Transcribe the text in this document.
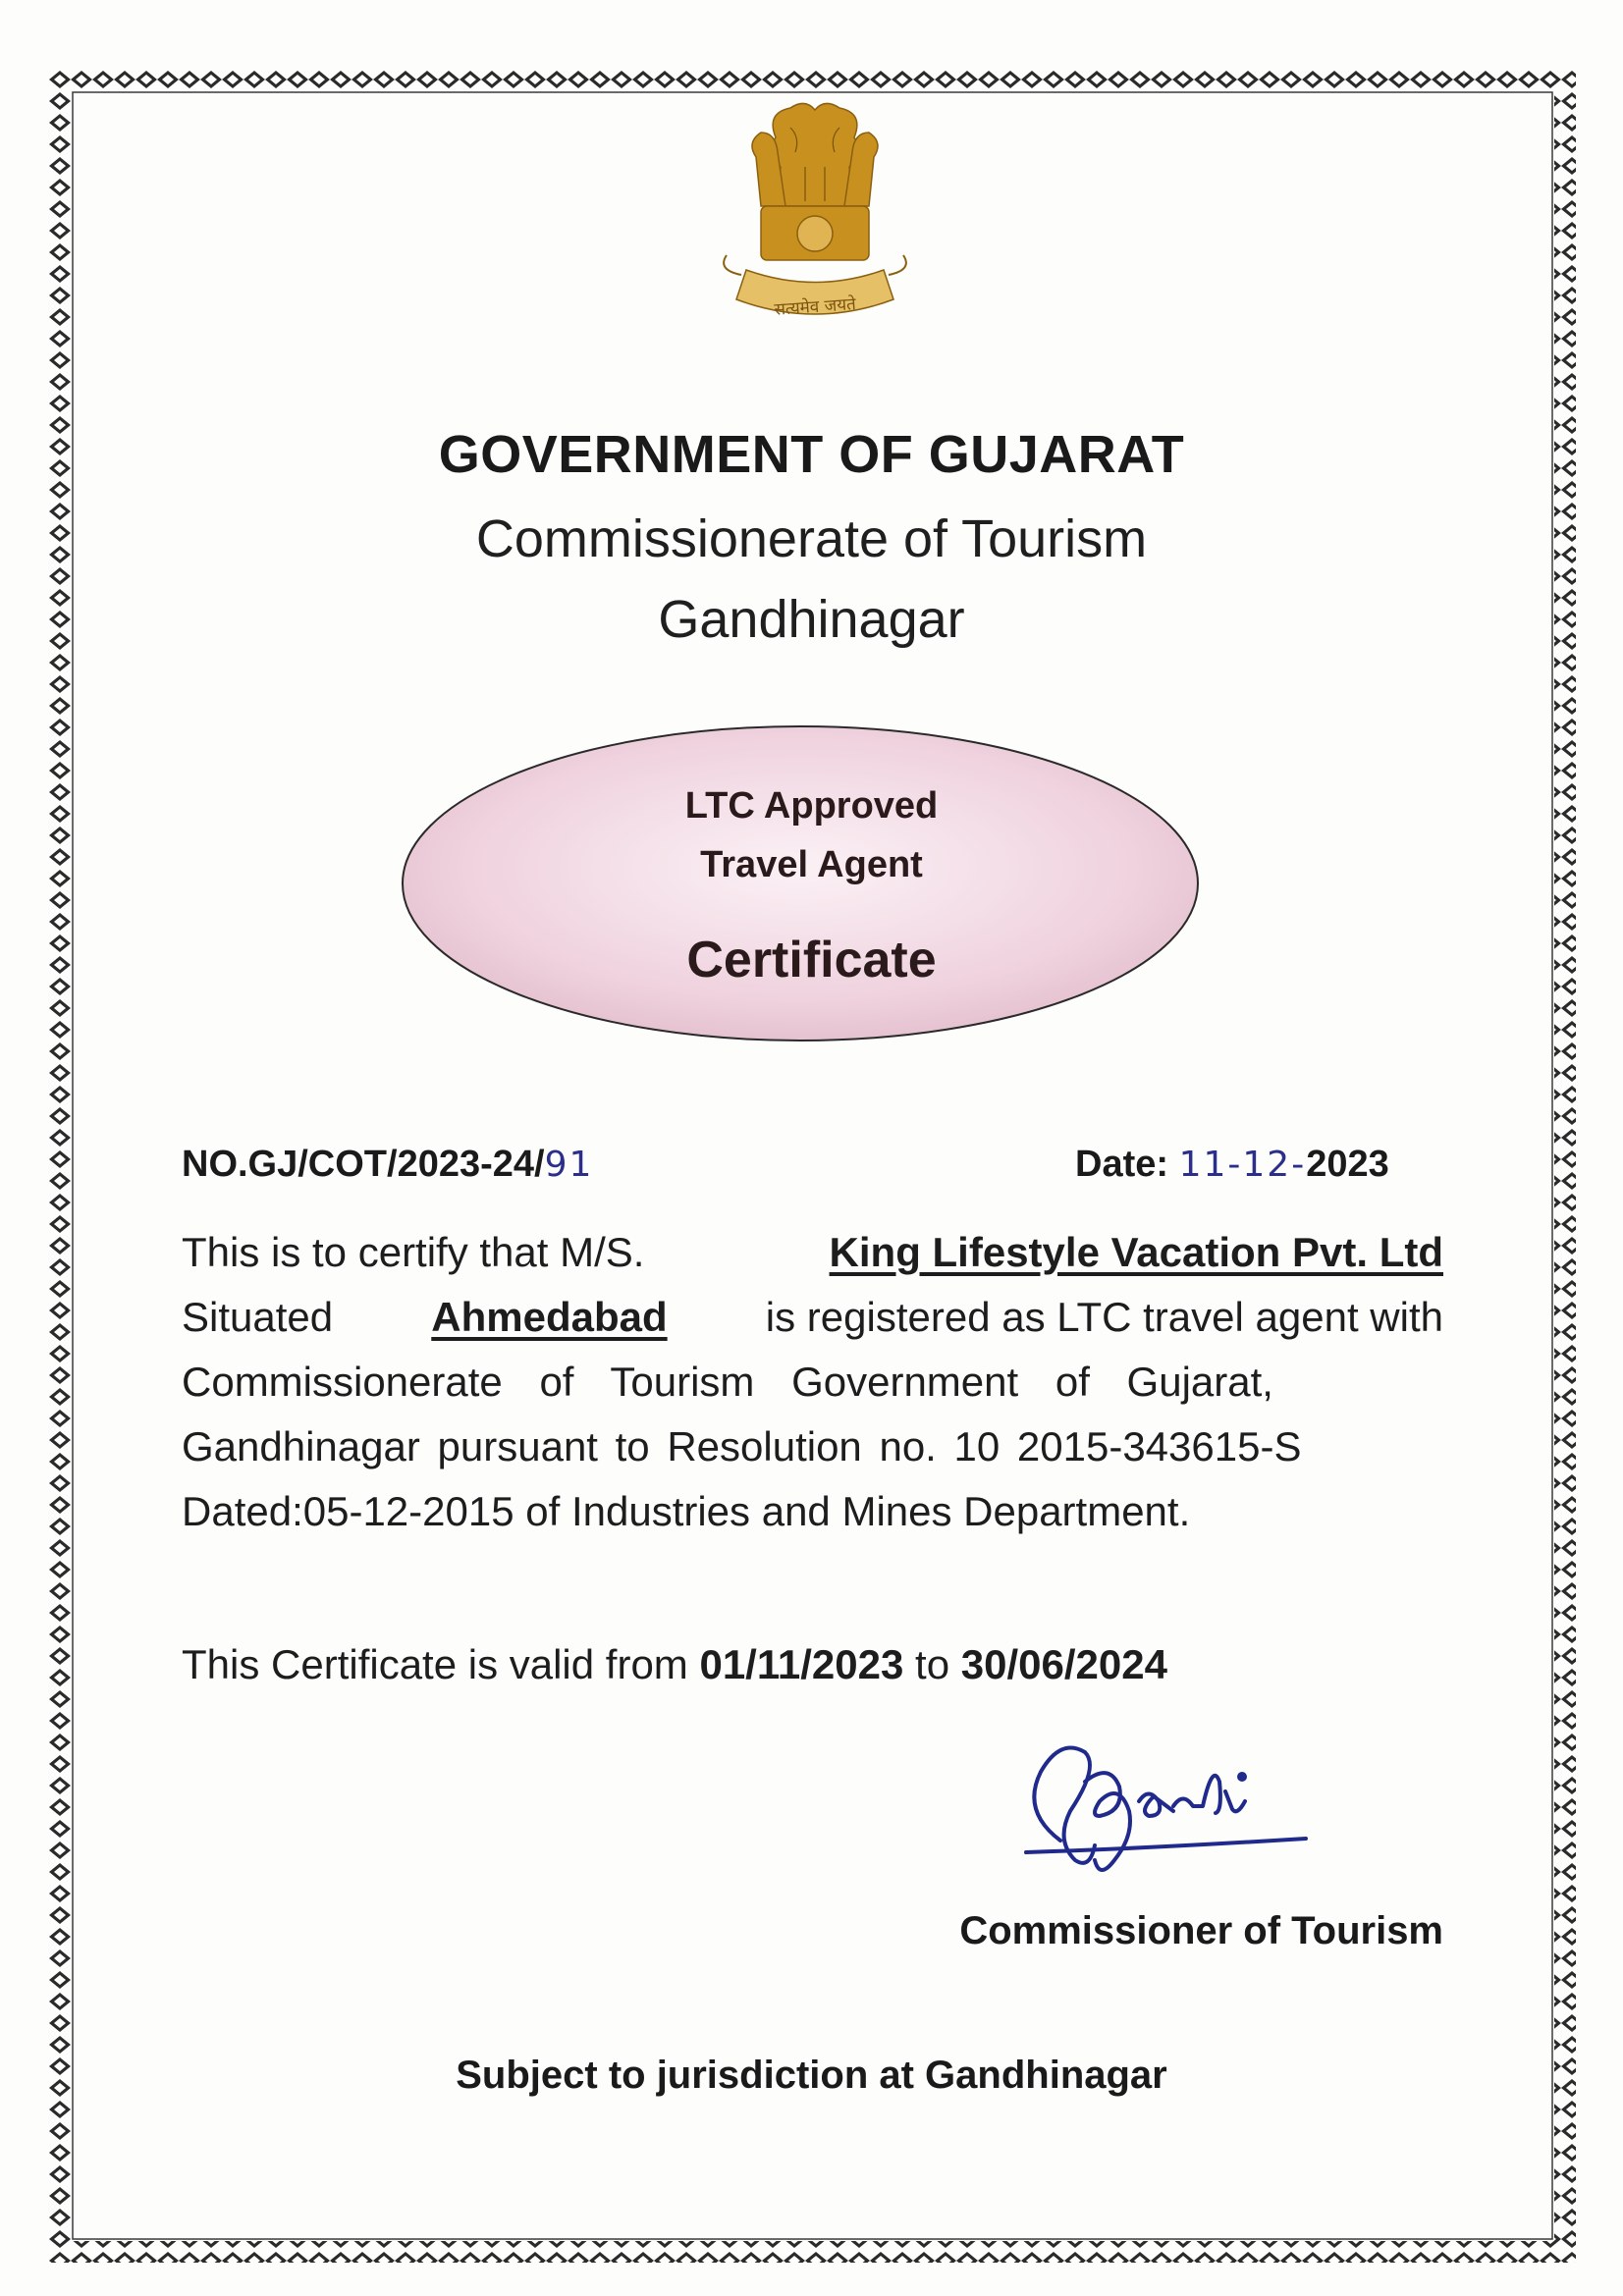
सत्यमेव जयते
GOVERNMENT OF GUJARAT
Commissionerate of Tourism
Gandhinagar
LTC Approved
Travel Agent
Certificate
NO.GJ/COT/2023-24/91	Date: 11-12-2023
This is to certify that M/S.	King Lifestyle Vacation Pvt. Ltd
Situated Ahmedabad is registered as LTC travel agent with
Commissionerate of Tourism Government of Gujarat,
Gandhinagar pursuant to Resolution no. 10 2015-343615-S
Dated:05-12-2015 of Industries and Mines Department.
This Certificate is valid from 01/11/2023 to 30/06/2024
Commissioner of Tourism
Subject to jurisdiction at Gandhinagar
